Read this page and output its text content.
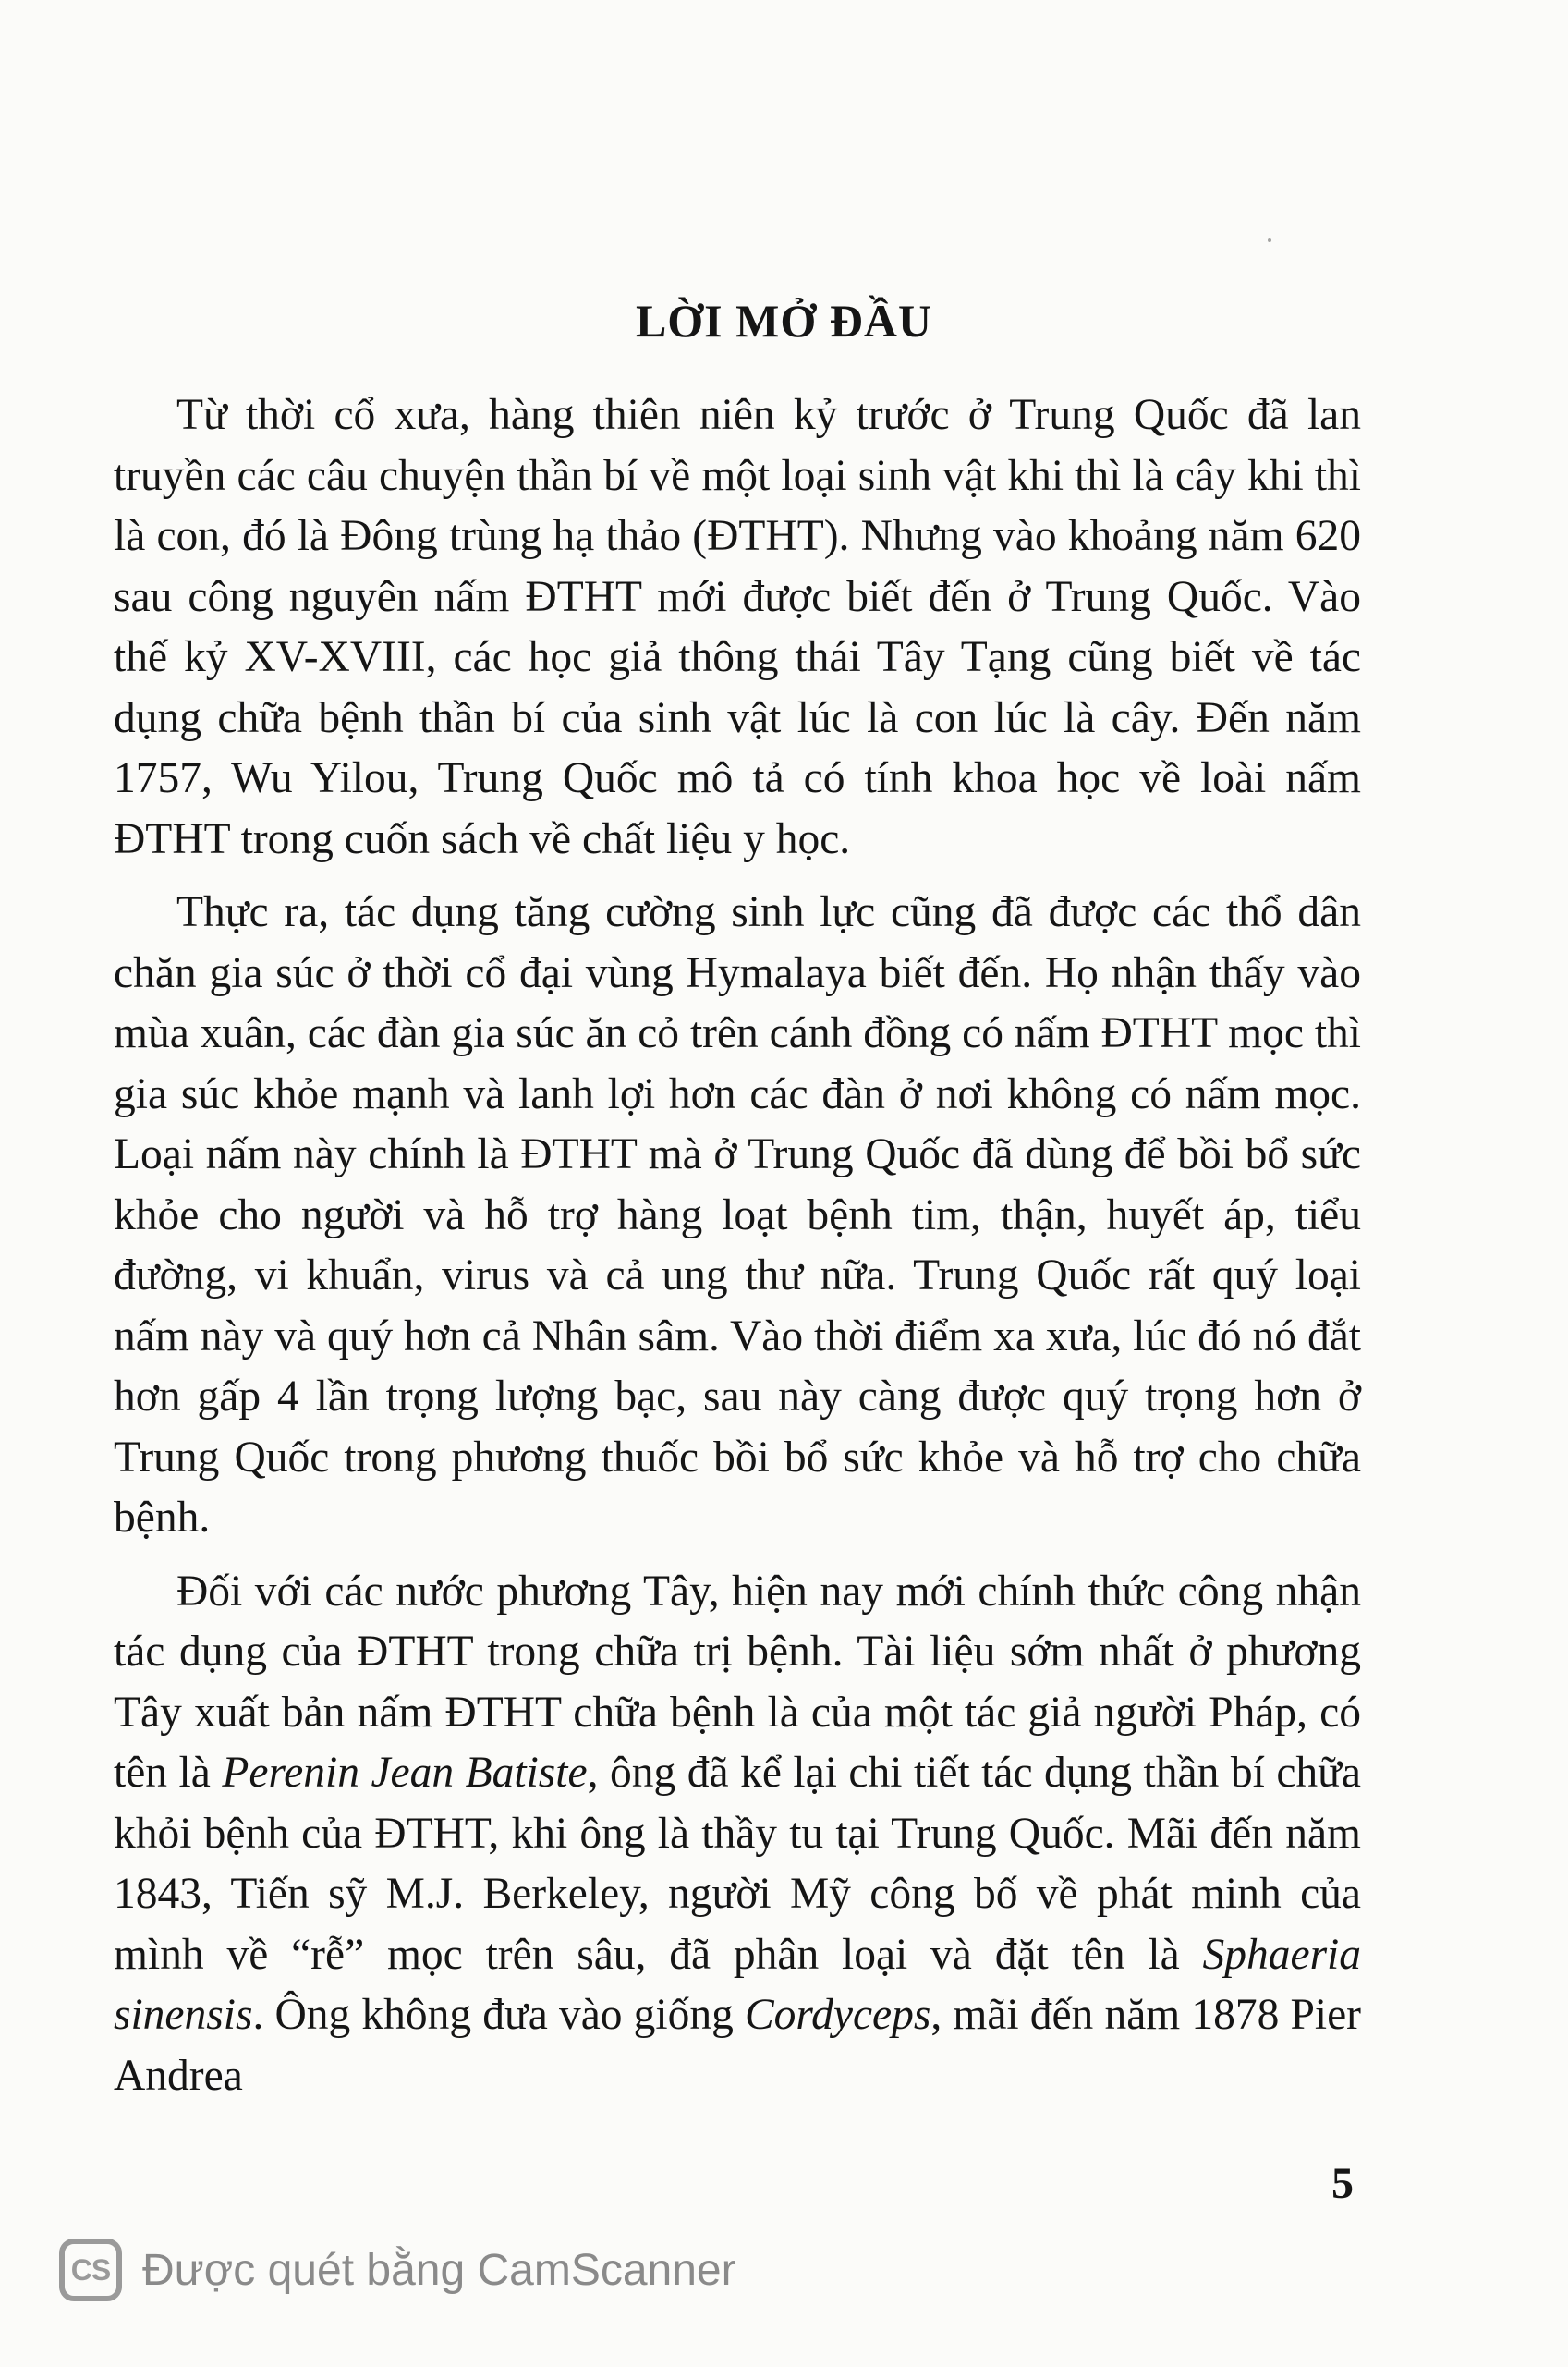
LỜI MỞ ĐẦU

Từ thời cổ xưa, hàng thiên niên kỷ trước ở Trung Quốc đã lan truyền các câu chuyện thần bí về một loại sinh vật khi thì là cây khi thì là con, đó là Đông trùng hạ thảo (ĐTHT). Nhưng vào khoảng năm 620 sau công nguyên nấm ĐTHT mới được biết đến ở Trung Quốc. Vào thế kỷ XV-XVIII, các học giả thông thái Tây Tạng cũng biết về tác dụng chữa bệnh thần bí của sinh vật lúc là con lúc là cây. Đến năm 1757, Wu Yilou, Trung Quốc mô tả có tính khoa học về loài nấm ĐTHT trong cuốn sách về chất liệu y học.

Thực ra, tác dụng tăng cường sinh lực cũng đã được các thổ dân chăn gia súc ở thời cổ đại vùng Hymalaya biết đến. Họ nhận thấy vào mùa xuân, các đàn gia súc ăn cỏ trên cánh đồng có nấm ĐTHT mọc thì gia súc khỏe mạnh và lanh lợi hơn các đàn ở nơi không có nấm mọc. Loại nấm này chính là ĐTHT mà ở Trung Quốc đã dùng để bồi bổ sức khỏe cho người và hỗ trợ hàng loạt bệnh tim, thận, huyết áp, tiểu đường, vi khuẩn, virus và cả ung thư nữa. Trung Quốc rất quý loại nấm này và quý hơn cả Nhân sâm. Vào thời điểm xa xưa, lúc đó nó đắt hơn gấp 4 lần trọng lượng bạc, sau này càng được quý trọng hơn ở Trung Quốc trong phương thuốc bồi bổ sức khỏe và hỗ trợ cho chữa bệnh.

Đối với các nước phương Tây, hiện nay mới chính thức công nhận tác dụng của ĐTHT trong chữa trị bệnh. Tài liệu sớm nhất ở phương Tây xuất bản nấm ĐTHT chữa bệnh là của một tác giả người Pháp, có tên là Perenin Jean Batiste, ông đã kể lại chi tiết tác dụng thần bí chữa khỏi bệnh của ĐTHT, khi ông là thầy tu tại Trung Quốc. Mãi đến năm 1843, Tiến sỹ M.J. Berkeley, người Mỹ công bố về phát minh của mình về “rễ” mọc trên sâu, đã phân loại và đặt tên là Sphaeria sinensis. Ông không đưa vào giống Cordyceps, mãi đến năm 1878 Pier Andrea

5
CS Được quét bằng CamScanner
